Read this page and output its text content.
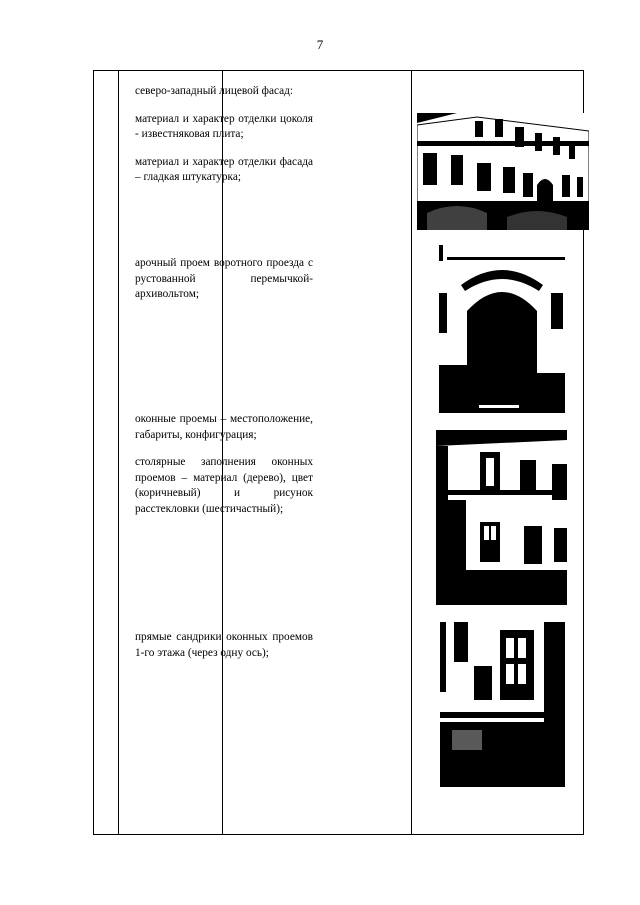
7

северо-западный лицевой фасад:

материал и характер отделки цоколя - известняковая плита;

материал и характер отделки фасада – гладкая штукатурка;

арочный проем воротного проезда с рустованной перемычкой-архивольтом;

оконные проемы – местоположение, габариты, конфигурация;

столярные заполнения оконных проемов – материал (дерево), цвет (коричневый) и рисунок расстекловки (шестичастный);

прямые сандрики оконных проемов 1-го этажа (через одну ось);
